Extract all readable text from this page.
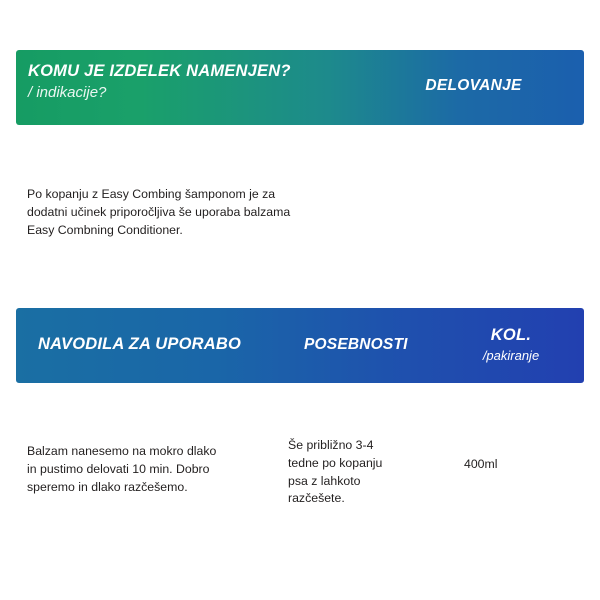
KOMU JE IZDELEK NAMENJEN?
/ indikacije?	DELOVANJE
Po kopanju z Easy Combing šamponom je za
dodatni učinek priporočljiva še uporaba balzama
Easy Combning Conditioner.
NAVODILA ZA UPORABO	POSEBNOSTI
KOL.
/pakiranje
Balzam nanesemo na mokro dlako
in pustimo delovati 10 min. Dobro
speremo in dlako razčešemo.
Še približno 3-4
tedne po kopanju
psa z lahkoto
razčešete.
400ml
